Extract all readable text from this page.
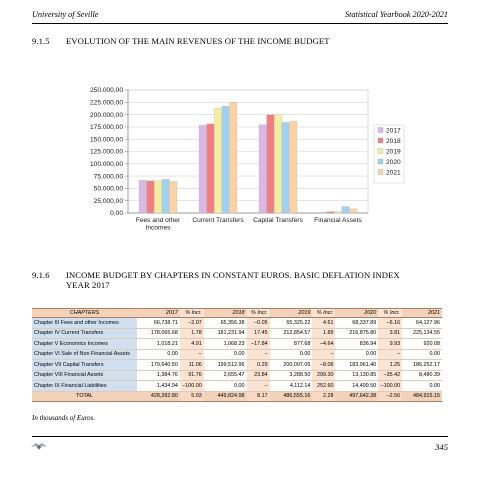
University of Seville	Statistical Yearbook 2020-2021
9.1.5 EVOLUTION OF THE MAIN REVENUES OF THE INCOME BUDGET
0,00
25.000,00
50.000,00
75.000,00
100.000,00
125.000,00
150.000,00
175.000,00
200.000,00
225.000,00
250.000,00
Fees and other
Incomes
Current Transfers Capital Transfers Financial Assets
2017
2018
2019
2020
2021
9.1.6 INCOME BUDGET BY CHAPTERS IN CONSTANT EUROS. BASIC DEFLATION INDEX
YEAR 2017
CHAPTERS	2017	% Incr.	2018	% Incr.	2019	% Incr.	2020	% Incr.	2021
Chapter III Fees and other Incomes	66,738.71	–2.07	65,356.38	–0.05	65,325.22	4.61	68,337.89	–6.16	64,127.96
Chapter IV Current Transfers	178,065.68	1.78	181,231.94	17.45	212,854.57	1.89	216,875.80	3.81	225,134.55
Chapter V Economics Incomes	1,018.21	4.91	1,068.23	–17.84	877.68	–4.64	836.94	9.93	920.08
Chapter VI Sale of Non Financial Assets	0.00	–	0.00	–	0.00	–	0.00	–	0.00
Chapter VII Capital Transfers	179,640.50	11.06	199,512.96	0.29	200,097.05	–8.06	183,961.40	1.25	186,252.17
Chapter VIII Financial Assets	1,384.76	91.76	2,655.47	23.84	3,288.50	299.30	13,130.85	–35.42	8,480.39
Chapter IX Financial Liabilities	1,434.94	–100.00	0.00	–	4,112.14	252.60	14,499.50	–100.00	0.00
TOTAL	428,282.80	5.03	449,824.98	8.17	486,555.16	2.28	497,642.38	–2.56	484,915.15
In thousands of Euros.
345
